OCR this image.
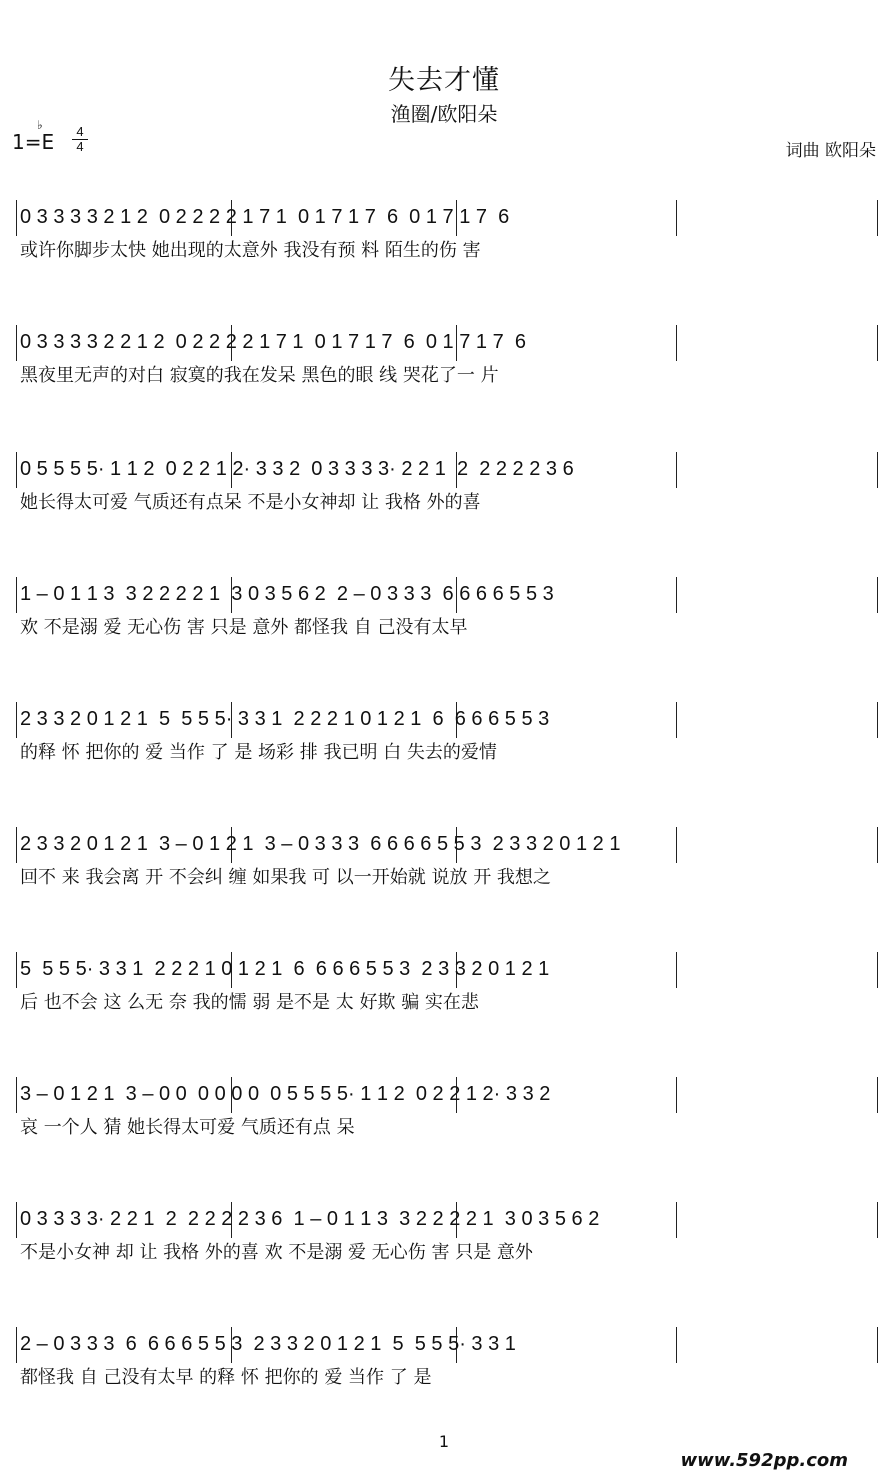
失去才懂
渔圈/欧阳朵
1=
♭
E	4
4	词曲 欧阳朵
0 3 3 3 3 2 1 2  0 2 2 2 2 1 7 1  0 1 7 1 7  6  0 1 7 1 7  6
或许你脚步太快 她出现的太意外 我没有预 料 陌生的伤 害
0 3 3 3 3 2 2 1 2  0 2 2 2 2 1 7 1  0 1 7 1 7  6  0 1 7 1 7  6
黑夜里无声的对白 寂寞的我在发呆 黑色的眼 线 哭花了一 片
0 5 5 5 5· 1 1 2  0 2 2 1 2· 3 3 2  0 3 3 3 3· 2 2 1  2  2 2 2 2 3 6
她长得太可爱 气质还有点呆 不是小女神却 让 我格 外的喜
1 – 0 1 1 3  3 2 2 2 2 1  3 0 3 5 6 2  2 – 0 3 3 3  6 6 6 6 5 5 3
欢 不是溺 爱 无心伤 害 只是 意外 都怪我 自 己没有太早
2 3 3 2 0 1 2 1  5  5 5 5· 3 3 1  2 2 2 1 0 1 2 1  6  6 6 6 5 5 3
的释 怀 把你的 爱 当作 了 是 场彩 排 我已明 白 失去的爱情
2 3 3 2 0 1 2 1  3 – 0 1 2 1  3 – 0 3 3 3  6 6 6 6 5 5 3  2 3 3 2 0 1 2 1
回不 来 我会离 开 不会纠 缠 如果我 可 以一开始就 说放 开 我想之
5  5 5 5· 3 3 1  2 2 2 1 0 1 2 1  6  6 6 6 5 5 3  2 3 3 2 0 1 2 1
后 也不会 这 么无 奈 我的懦 弱 是不是 太 好欺 骗 实在悲
3 – 0 1 2 1  3 – 0 0  0 0 0 0  0 5 5 5 5· 1 1 2  0 2 2 1 2· 3 3 2
哀 一个人 猜 她长得太可爱 气质还有点 呆
0 3 3 3 3· 2 2 1  2  2 2 2 2 3 6  1 – 0 1 1 3  3 2 2 2 2 1  3 0 3 5 6 2
不是小女神 却 让 我格 外的喜 欢 不是溺 爱 无心伤 害 只是 意外
2 – 0 3 3 3  6  6 6 6 5 5 3  2 3 3 2 0 1 2 1  5  5 5 5· 3 3 1
都怪我 自 己没有太早 的释 怀 把你的 爱 当作 了 是
1
www.592pp.com
